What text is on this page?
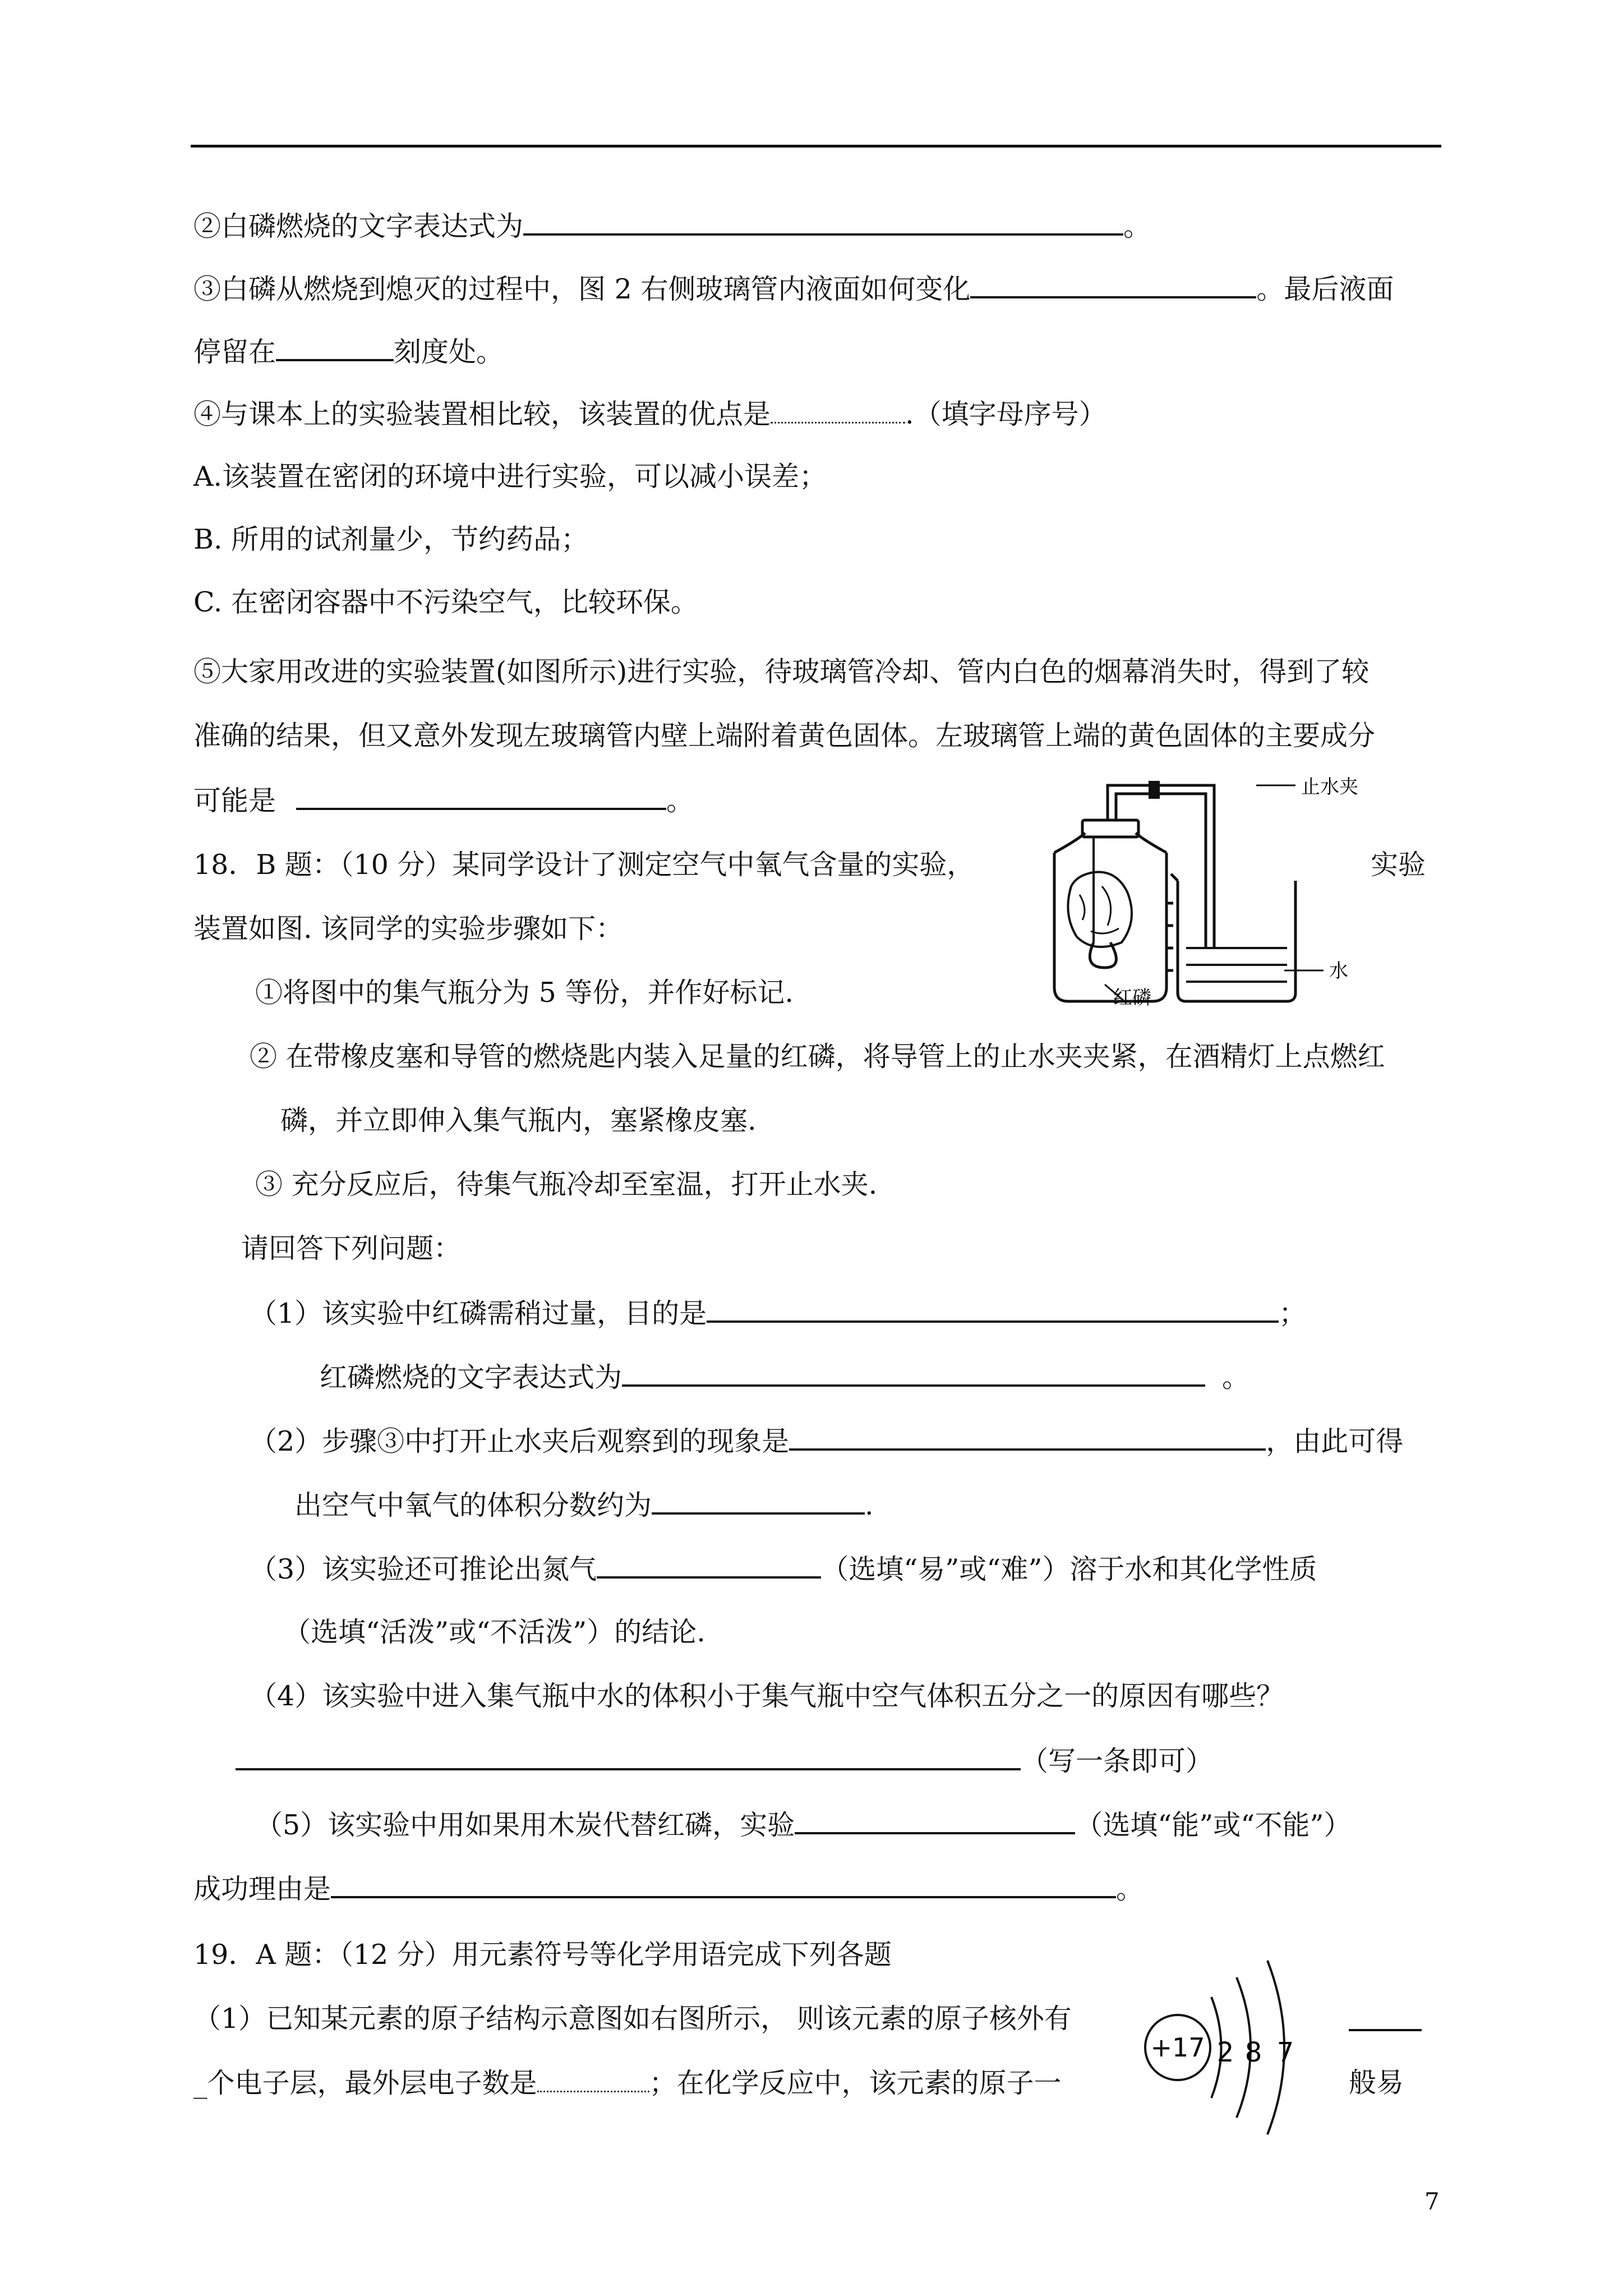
②白磷燃烧的文字表达式为	。
③白磷从燃烧到熄灭的过程中，图 2 右侧玻璃管内液面如何变化	。最后液面
停留在	刻度处。
④与课本上的实验装置相比较，该装置的优点是	.（填字母序号）
A.该装置在密闭的环境中进行实验，可以减小误差；
B. 所用的试剂量少，节约药品；
C. 在密闭容器中不污染空气，比较环保。
⑤大家用改进的实验装置(如图所示)进行实验，待玻璃管冷却、管内白色的烟幕消失时，得到了较
准确的结果，但又意外发现左玻璃管内壁上端附着黄色固体。左玻璃管上端的黄色固体的主要成分
可能是	。
18．B 题：（10 分）某同学设计了测定空气中氧气含量的实验，	实验
装置如图. 该同学的实验步骤如下：
止水夹
水
红磷
①将图中的集气瓶分为 5 等份，并作好标记.
② 在带橡皮塞和导管的燃烧匙内装入足量的红磷，将导管上的止水夹夹紧，在酒精灯上点燃红
磷，并立即伸入集气瓶内，塞紧橡皮塞.
③ 充分反应后，待集气瓶冷却至室温，打开止水夹.
请回答下列问题：
（1）该实验中红磷需稍过量，目的是	；
红磷燃烧的文字表达式为	。
（2）步骤③中打开止水夹后观察到的现象是	，由此可得
出空气中氧气的体积分数约为	.
（3）该实验还可推论出氮气	（选填“易”或“难”）溶于水和其化学性质
（选填“活泼”或“不活泼”）的结论.
（4）该实验中进入集气瓶中水的体积小于集气瓶中空气体积五分之一的原因有哪些？
（写一条即可）
（5）该实验中用如果用木炭代替红磷，实验	（选填“能”或“不能”）
成功理由是	。
19．A 题：（12 分）用元素符号等化学用语完成下列各题
（1）已知某元素的原子结构示意图如右图所示， 则该元素的原子核外有
_个电子层，最外层电子数是	；在化学反应中，该元素的原子一
+17 2 8 7
般易
7
